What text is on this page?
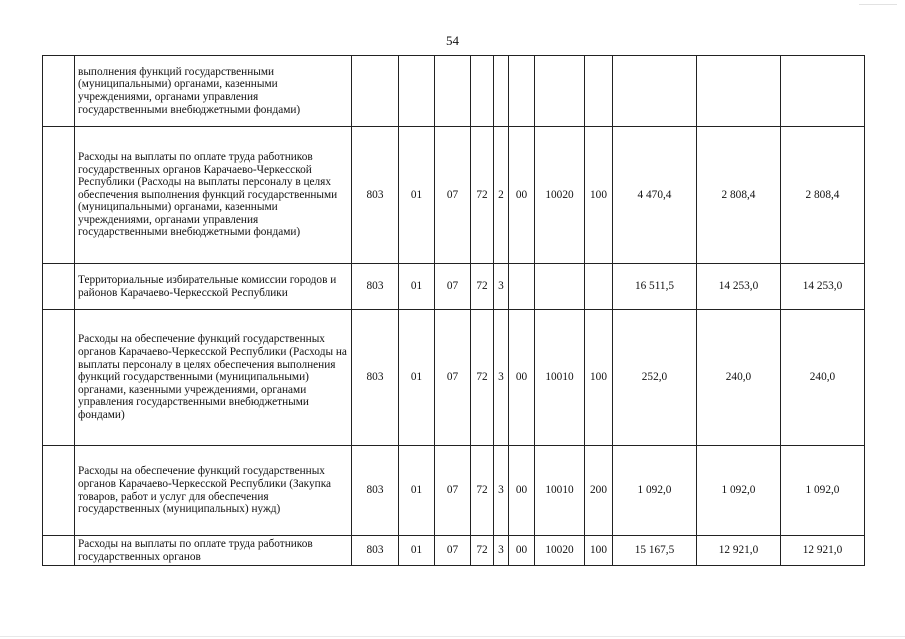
54
	выполнения функций государственными (муниципальными) органами, казенными учреждениями, органами управления государственными внебюджетными фондами)											
	Расходы на выплаты по оплате труда работников государственных органов Карачаево-Черкесской Республики (Расходы на выплаты персоналу в целях обеспечения выполнения функций государственными (муниципальными) органами, казенными учреждениями, органами управления государственными внебюджетными фондами)	803	01	07	72	2	00	10020	100	4 470,4	2 808,4	2 808,4
	Территориальные избирательные комиссии городов и районов Карачаево-Черкесской Республики	803	01	07	72	3				16 511,5	14 253,0	14 253,0
	Расходы на обеспечение функций государственных органов Карачаево-Черкесской Республики (Расходы на выплаты персоналу в целях обеспечения выполнения функций государственными (муниципальными) органами, казенными учреждениями, органами управления государственными внебюджетными фондами)	803	01	07	72	3	00	10010	100	252,0	240,0	240,0
	Расходы на обеспечение функций государственных органов Карачаево-Черкесской Республики (Закупка товаров, работ и услуг для обеспечения государственных (муниципальных) нужд)	803	01	07	72	3	00	10010	200	1 092,0	1 092,0	1 092,0
	Расходы на выплаты по оплате труда работников государственных органов	803	01	07	72	3	00	10020	100	15 167,5	12 921,0	12 921,0
